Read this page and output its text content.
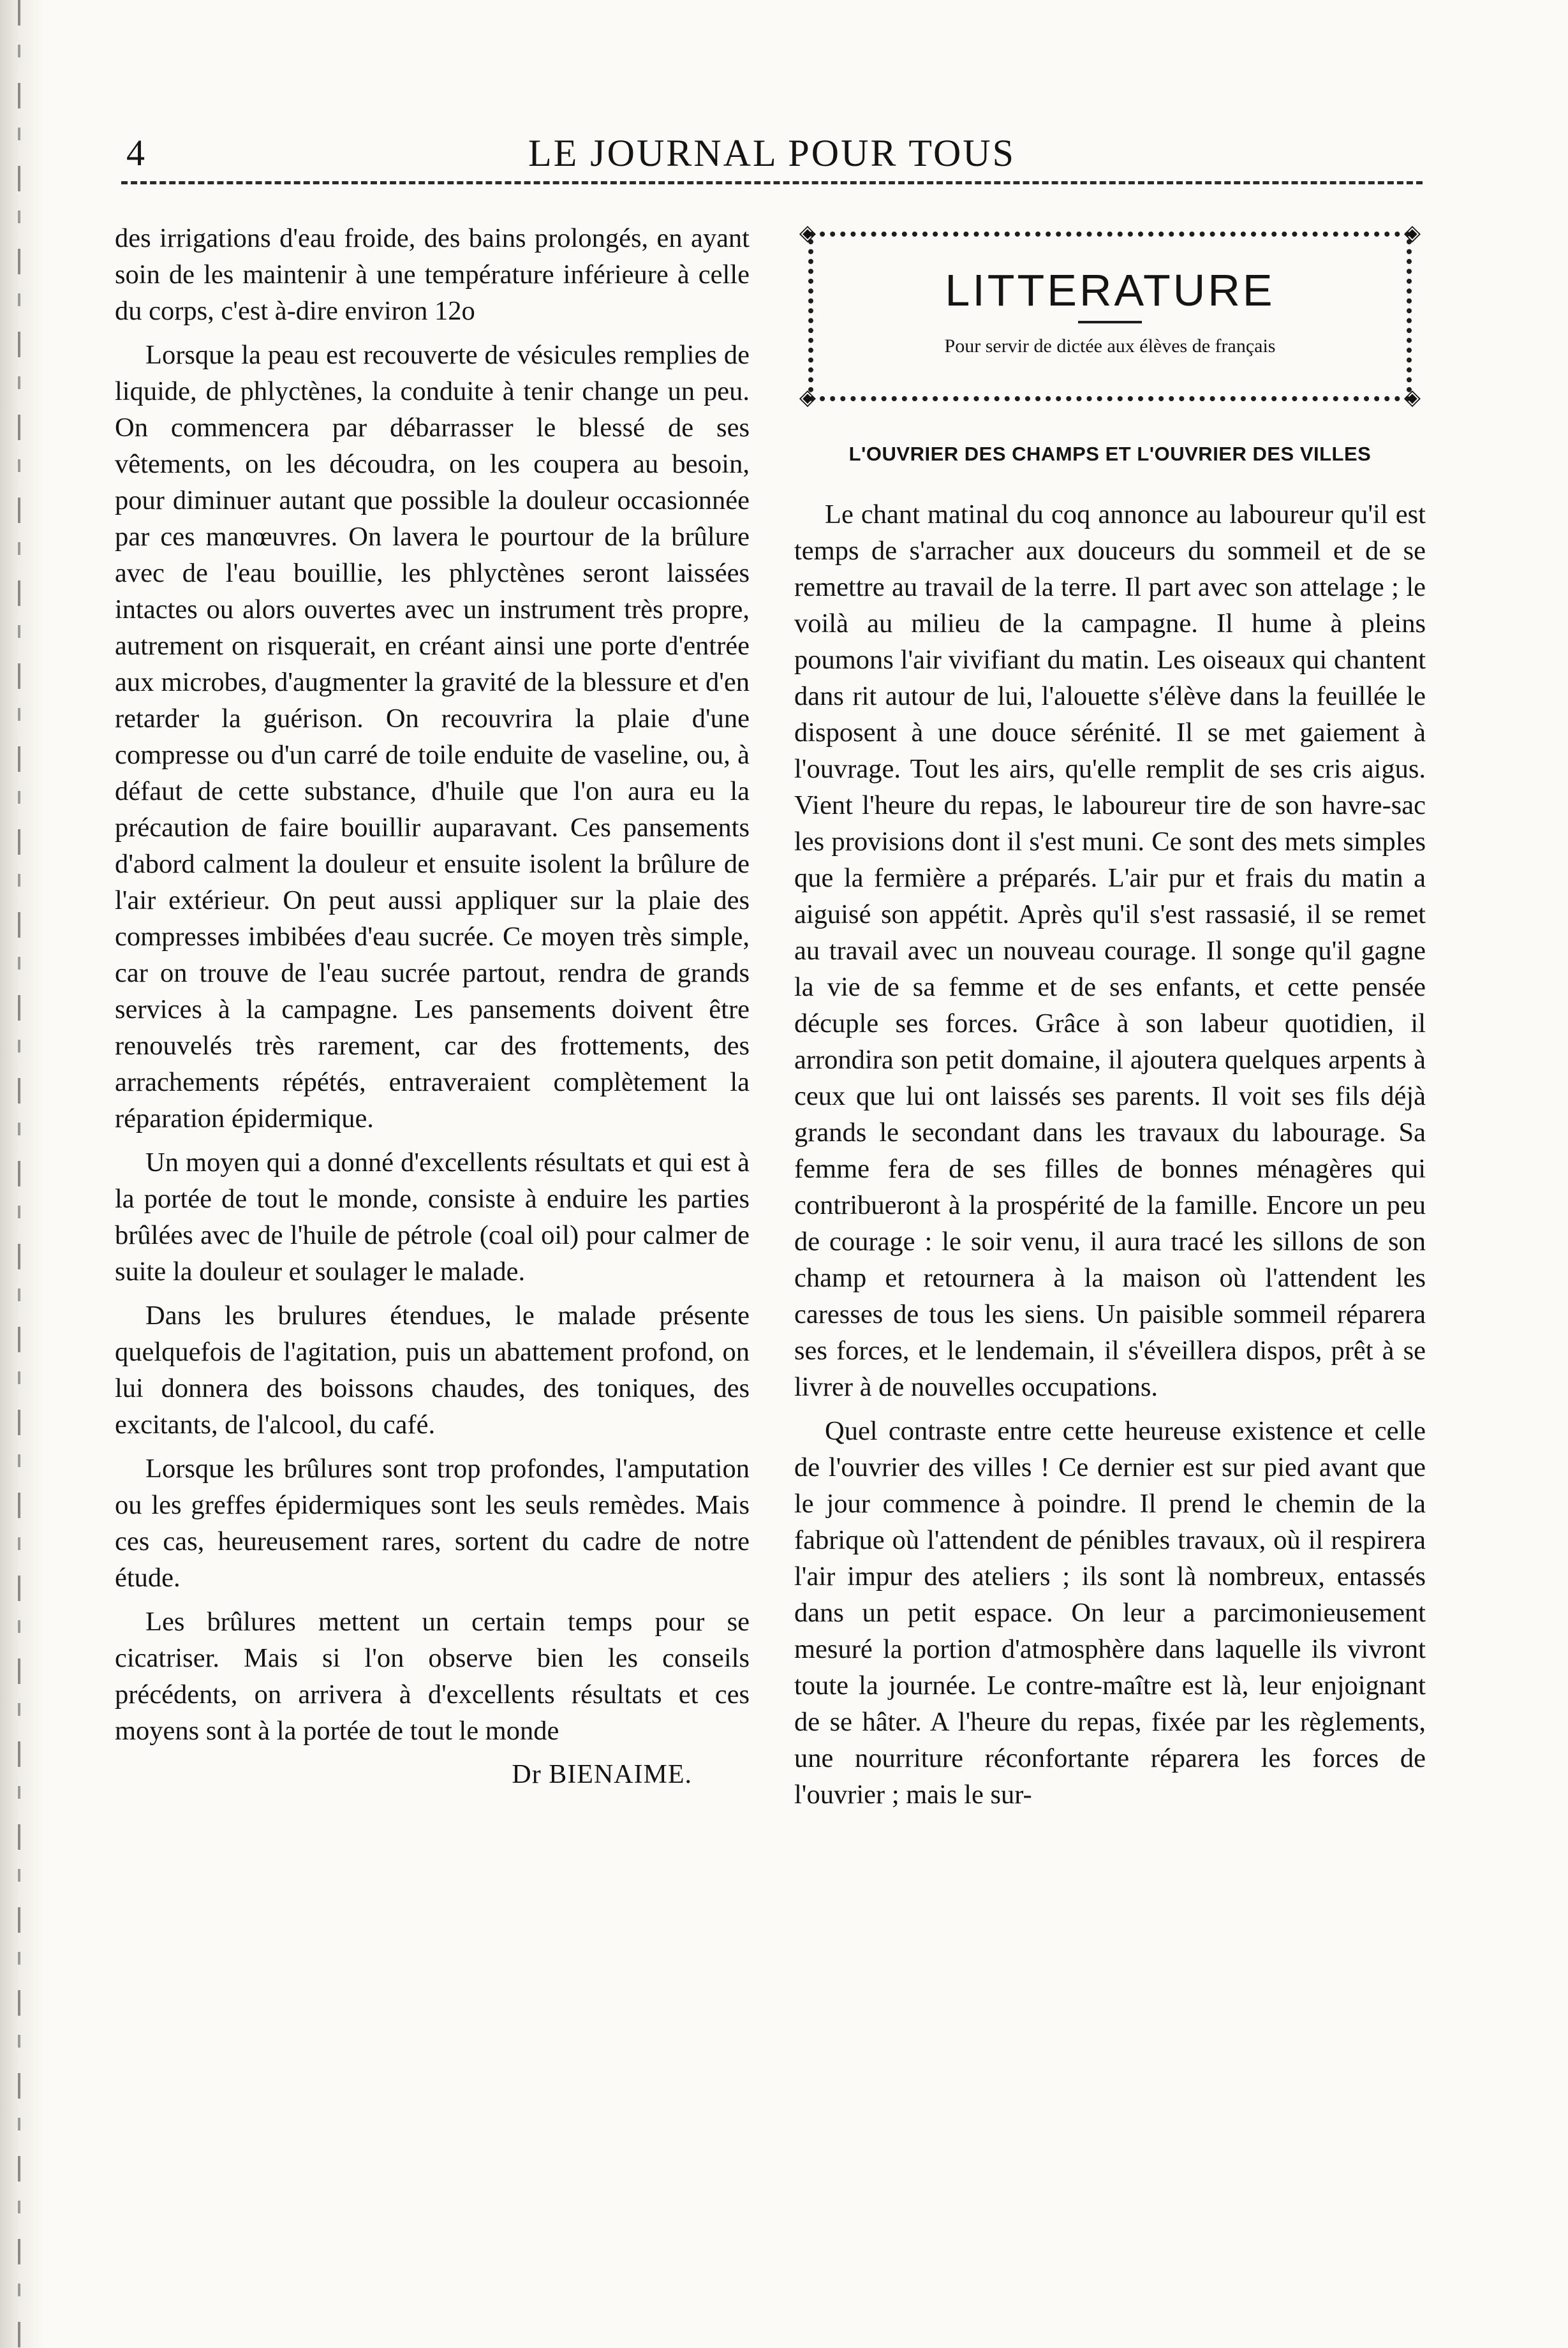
4	LE JOURNAL POUR TOUS

des irrigations d'eau froide, des bains prolongés, en ayant soin de les maintenir à une température inférieure à celle du corps, c'est à-dire environ 12o

Lorsque la peau est recouverte de vésicules remplies de liquide, de phlyctènes, la conduite à tenir change un peu. On commencera par débarrasser le blessé de ses vêtements, on les découdra, on les coupera au besoin, pour diminuer autant que possible la douleur occasionnée par ces manœuvres. On lavera le pourtour de la brûlure avec de l'eau bouillie, les phlyctènes seront laissées intactes ou alors ouvertes avec un instrument très propre, autrement on risquerait, en créant ainsi une porte d'entrée aux microbes, d'augmenter la gravité de la blessure et d'en retarder la guérison. On recouvrira la plaie d'une compresse ou d'un carré de toile enduite de vaseline, ou, à défaut de cette substance, d'huile que l'on aura eu la précaution de faire bouillir auparavant. Ces pansements d'abord calment la douleur et ensuite isolent la brûlure de l'air extérieur. On peut aussi appliquer sur la plaie des compresses imbibées d'eau sucrée. Ce moyen très simple, car on trouve de l'eau sucrée partout, rendra de grands services à la campagne. Les pansements doivent être renouvelés très rarement, car des frottements, des arrachements répétés, entraveraient complètement la réparation épidermique.

Un moyen qui a donné d'excellents résultats et qui est à la portée de tout le monde, consiste à enduire les parties brûlées avec de l'huile de pétrole (coal oil) pour calmer de suite la douleur et soulager le malade.

Dans les brulures étendues, le malade présente quelquefois de l'agitation, puis un abattement profond, on lui donnera des boissons chaudes, des toniques, des excitants, de l'alcool, du café.

Lorsque les brûlures sont trop profondes, l'amputation ou les greffes épidermiques sont les seuls remèdes. Mais ces cas, heureusement rares, sortent du cadre de notre étude.

Les brûlures mettent un certain temps pour se cicatriser. Mais si l'on observe bien les conseils précédents, on arrivera à d'excellents résultats et ces moyens sont à la portée de tout le monde

Dr BIENAIME.
◈	◈
◈	◈
LITTERATURE
Pour servir de dictée aux élèves de français
L'OUVRIER DES CHAMPS ET L'OUVRIER DES VILLES

Le chant matinal du coq annonce au laboureur qu'il est temps de s'arracher aux douceurs du sommeil et de se remettre au travail de la terre. Il part avec son attelage ; le voilà au milieu de la campagne. Il hume à pleins poumons l'air vivifiant du matin. Les oiseaux qui chantent dans rit autour de lui, l'alouette s'élève dans la feuillée le disposent à une douce sérénité. Il se met gaiement à l'ouvrage. Tout les airs, qu'elle remplit de ses cris aigus. Vient l'heure du repas, le laboureur tire de son havre-sac les provisions dont il s'est muni. Ce sont des mets simples que la fermière a préparés. L'air pur et frais du matin a aiguisé son appétit. Après qu'il s'est rassasié, il se remet au travail avec un nouveau courage. Il songe qu'il gagne la vie de sa femme et de ses enfants, et cette pensée décuple ses forces. Grâce à son labeur quotidien, il arrondira son petit domaine, il ajoutera quelques arpents à ceux que lui ont laissés ses parents. Il voit ses fils déjà grands le secondant dans les travaux du labourage. Sa femme fera de ses filles de bonnes ménagères qui contribueront à la prospérité de la famille. Encore un peu de courage : le soir venu, il aura tracé les sillons de son champ et retournera à la maison où l'attendent les caresses de tous les siens. Un paisible sommeil réparera ses forces, et le lendemain, il s'éveillera dispos, prêt à se livrer à de nouvelles occupations.

Quel contraste entre cette heureuse existence et celle de l'ouvrier des villes ! Ce dernier est sur pied avant que le jour commence à poindre. Il prend le chemin de la fabrique où l'attendent de pénibles travaux, où il respirera l'air impur des ateliers ; ils sont là nombreux, entassés dans un petit espace. On leur a parcimonieusement mesuré la portion d'atmosphère dans laquelle ils vivront toute la journée. Le contre-maître est là, leur enjoignant de se hâter. A l'heure du repas, fixée par les règlements, une nourriture réconfortante réparera les forces de l'ouvrier ; mais le sur-
